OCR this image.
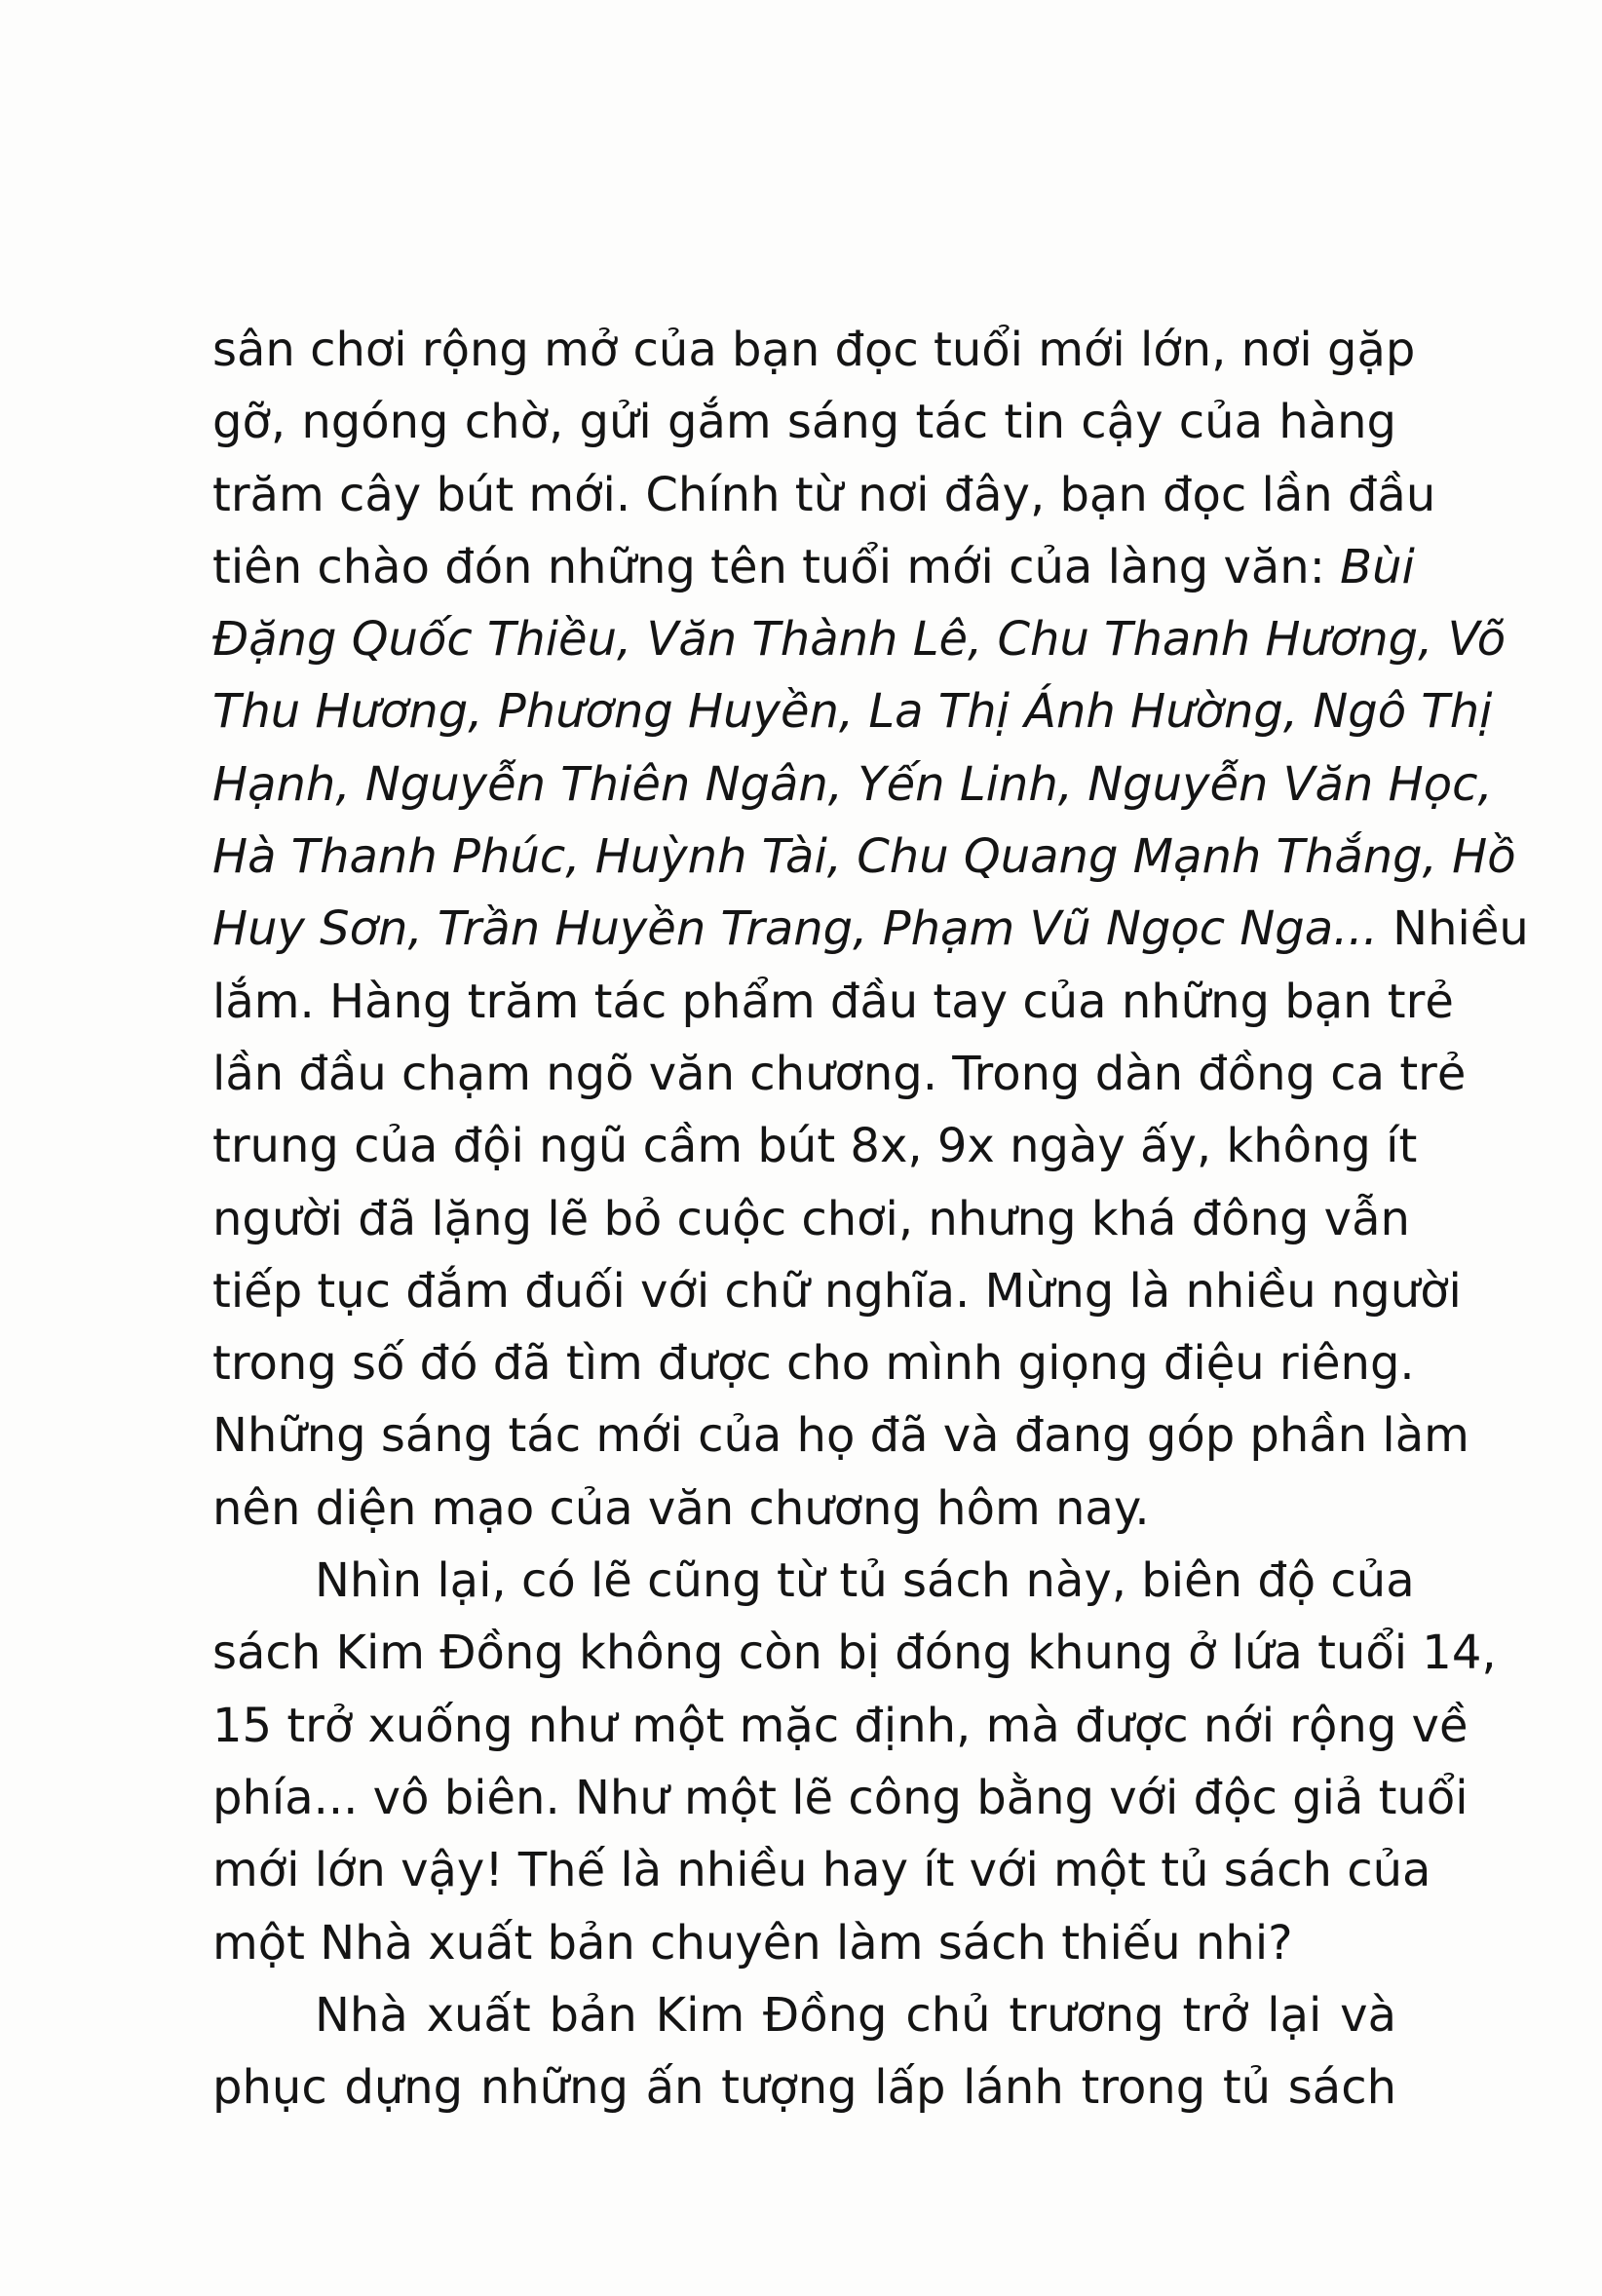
sân chơi rộng mở của bạn đọc tuổi mới lớn, nơi gặp
gỡ, ngóng chờ, gửi gắm sáng tác tin cậy của hàng
trăm cây bút mới. Chính từ nơi đây, bạn đọc lần đầu
tiên chào đón những tên tuổi mới của làng văn: Bùi
Đặng Quốc Thiều, Văn Thành Lê, Chu Thanh Hương, Võ
Thu Hương, Phương Huyền, La Thị Ánh Hường, Ngô Thị
Hạnh, Nguyễn Thiên Ngân, Yến Linh, Nguyễn Văn Học,
Hà Thanh Phúc, Huỳnh Tài, Chu Quang Mạnh Thắng, Hồ
Huy Sơn, Trần Huyền Trang, Phạm Vũ Ngọc Nga... Nhiều
lắm. Hàng trăm tác phẩm đầu tay của những bạn trẻ
lần đầu chạm ngõ văn chương. Trong dàn đồng ca trẻ
trung của đội ngũ cầm bút 8x, 9x ngày ấy, không ít
người đã lặng lẽ bỏ cuộc chơi, nhưng khá đông vẫn
tiếp tục đắm đuối với chữ nghĩa. Mừng là nhiều người
trong số đó đã tìm được cho mình giọng điệu riêng.
Những sáng tác mới của họ đã và đang góp phần làm
nên diện mạo của văn chương hôm nay.
Nhìn lại, có lẽ cũng từ tủ sách này, biên độ của
sách Kim Đồng không còn bị đóng khung ở lứa tuổi 14,
15 trở xuống như một mặc định, mà được nới rộng về
phía... vô biên. Như một lẽ công bằng với độc giả tuổi
mới lớn vậy! Thế là nhiều hay ít với một tủ sách của
một Nhà xuất bản chuyên làm sách thiếu nhi?
Nhà xuất bản Kim Đồng chủ trương trở lại và
phục dựng những ấn tượng lấp lánh trong tủ sách
